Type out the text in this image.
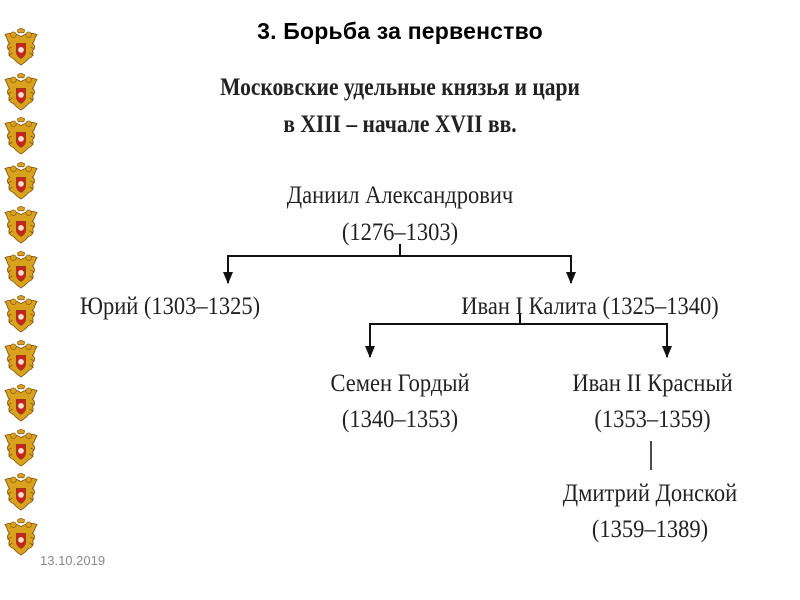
3. Борьба за первенство
13.10.2019
Московские удельные князья и цари
в XIII – начале XVII вв.
Даниил Александрович
(1276–1303)
Юрий (1303–1325)	Иван I Калита (1325–1340)
Семен Гордый
(1340–1353)
Иван II Красный
(1353–1359)
Дмитрий Донской
(1359–1389)
